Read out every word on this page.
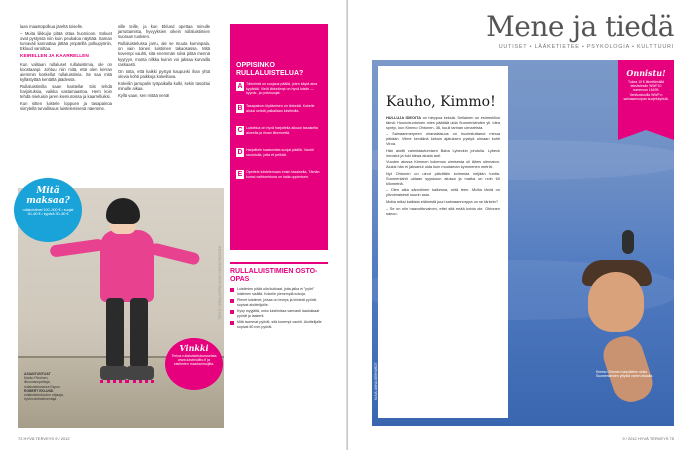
laan maastopolkua järeltä toiselle.

– Muita liikkujia pitää ottaa huomioon. Sokuet ovat pystyssä niin kuin peukaloa näyttää. Saman turvaväli kannattaa jättää ympärillä polkupyöriin, Ekluud varoittaa.

KEIRELLEN JA KAARRELLEN

Kun valitaan rullaluset rullaluistimia, ole on koostaanpi. Johtuu niin mitä, että olen kerran aiemmin koskellut rullaluistimia. Se saa mitä kyllästyttää kentältä jäädessä.

Rullaluistimilla saan haistella! Siis tehdä harjoituksia, vaikka vastamaastoa. Hern koin tehdä mieluisin jaren kiemuroissa ja kaarrelluiksi.

Kun sitten luistele loppuen ja tasapainoa siirrytellä turvallisuus luistelemisenä näemme.

sille teille, ja kun Eklund opettaa minulle jarruttamista, hyvyyksien oikein rullaluistimien suoraan tuoksen.

Rullaluistelussa jarru, ale se muuta kuminpala, on vain toinen luistimen takaosassa. Mitä kovempi vauhti, sitä enemmän siinä pitää mennä kyyryyn, monta nilkka kuinin voi jaksaa kurvailla raskaasti.

On totta, että kaikki pystyä kaupunki ihan yhtä olevia kohti paikkoja kokeiltava.

Kokeilin jarrupalin työpaikalla kulki, sekin tasoittui minulle aikaa.

Kyllä vaan, sen mitää nenä!

Mitä maksaa?
rullaluistimet 100–300 € • suojat 30–60 € • kypärä 30–80 €
ASIANTUNTIJAT
Marko Piiroinen, liikunnanopettaja, rullaluisteluseura Espoo
ROBERT EKLUND
rullaluistelukoulun ohjaaja, hyvinvointivalmentaja
Vinkki
Tietoa rullaluistelukursseista www.luistelulitto.fi ja luistimien maahantuojilta.
TEKSTI: LEENA KOPRA KUVAT: MARJA PASANEN
OPPISINKO RULLALUISTELUA?
A Tärkeintä on suojaus päällä, joten käytä aina kypärää. Vielä tärkeämpi on hyvä luistin — kyynär- ja polvisuojat.
B Tasapainon löytäminen on tärkeää. Kokeile aluksi seistä paikallaan luistimilla.
C Luistelua on hyvä harjoitella alkuun tasaisella alueella ja ilman liikennettä.
D Harjoittele kaatumista suojat päällä. Vauhti sauhdulla, jotta et pelkää.
E	Opettele luistelemaan ensin tasaisella, Tämän kurssi vaihtoehtona on halla oppimisen.
RULLALUISTIMIEN OSTO-OPAS
Luistimien pitää olla tiukkaat, jotta jalka ei "pyöri" luistimen sisällä. Kokeile pienempiä kokoja.
Pienet luistimet, joissa on leveys ja kiinteät pyörät, sopivat aloittelijoille.
Kysy myyjältä, onko luistimissa varmasti laadukkaat pyörät ja laakerit.
Mitä isommat pyörät, sitä kovempi vauhti. Aloittelijalle sopivat 80 mm pyörät.
72 HYVÄ TERVEYS 9 / 2012
Mene ja tiedä
UUTISET • LÄÄKETIETEE • PSYKOLOGIA • KULTTUURI
Kauho, Kimmo!

HULLUJA IDEOITA on hieppoa keksiä. Sellainen on esimerkiksi tämä: Huonokuntoinen mies päättää uida Suomenlahden yli. Idea syntyi, kun Kimmo Ohtonen, 36, kuuli tarinan uimareista.

– Sainaanmerpeen uhanalaisuus on huolestuttanut minua pitkään. Viime keväänä keksin ajatuksen pystyä uimaan kohti Viroa.

Hän aloitti valmistautumisen Baba Lybeckin johdolla. Lybeck innostui ja tuki ideaa alusta asti.

Vuoden alussa Kimmon kokemus uimisesta oli lähes olematon. Aluksi hän ei jaksanut uida kuin muutaman kymmenen metriä.

Nyt Ohtonen on uinut päivittäin kolmesta neljään tuntia. Suomenlahti uidaan syyskuun alussa ja matka on noin 60 kilometriä.

– Olen aika sännöinen kaikessa, mitä teen. Mutta tämä on ylivoimaisesti suurin asia.

Mutta miksi kaikista eläimistä juuri saimaannorppa on se tärkein?

– Se on niin haavoittuvainen, ettei sitä enää kohta ole. Ohtonen sanoo.

Onnistu!
Tukea 10 € lähettämällä tekstiviestin WWF10 numeroon 16499. Verkkosivuilla WWF:n saimaannorpan suojelutyöstä.
Kimmo Ohtonen harjoittelee uintia Suomenlahden ylitystä varten altaalla.
KUVA: ANNA GERHARDT
9 / 2012 HYVÄ TERVEYS 75
